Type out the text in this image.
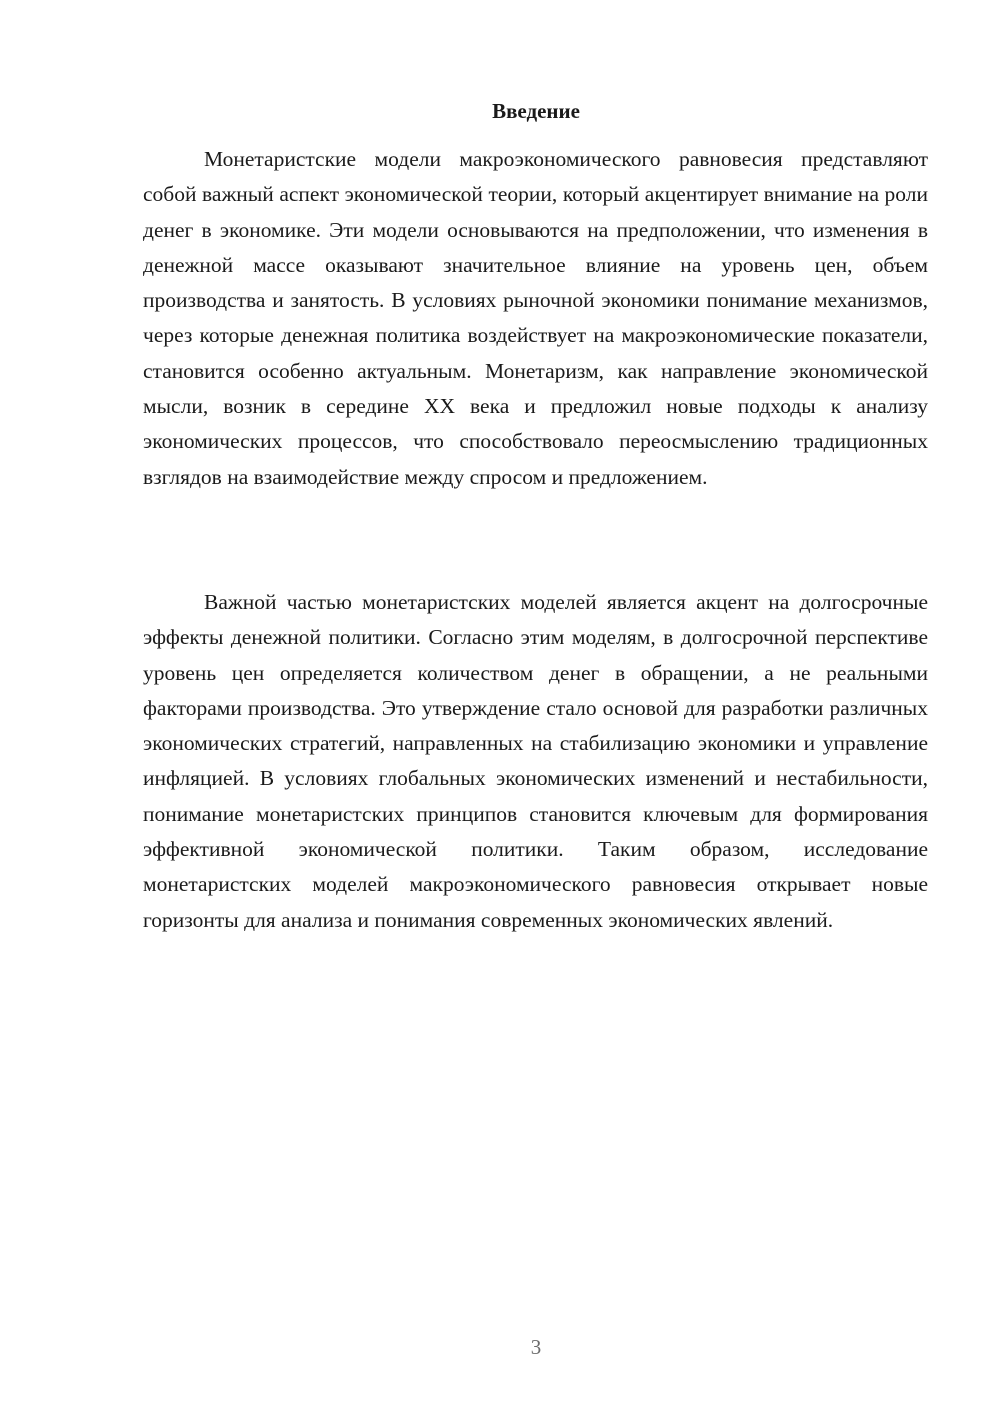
Введение

Монетаристские модели макроэкономического равновесия представляют собой важный аспект экономической теории, который акцентирует внимание на роли денег в экономике. Эти модели основываются на предположении, что изменения в денежной массе оказывают значительное влияние на уровень цен, объем производства и занятость. В условиях рыночной экономики понимание механизмов, через которые денежная политика воздействует на макроэкономические показатели, становится особенно актуальным. Монетаризм, как направление экономической мысли, возник в середине XX века и предложил новые подходы к анализу экономических процессов, что способствовало переосмыслению традиционных взглядов на взаимодействие между спросом и предложением.

Важной частью монетаристских моделей является акцент на долгосрочные эффекты денежной политики. Согласно этим моделям, в долгосрочной перспективе уровень цен определяется количеством денег в обращении, а не реальными факторами производства. Это утверждение стало основой для разработки различных экономических стратегий, направленных на стабилизацию экономики и управление инфляцией. В условиях глобальных экономических изменений и нестабильности, понимание монетаристских принципов становится ключевым для формирования эффективной экономической политики. Таким образом, исследование монетаристских моделей макроэкономического равновесия открывает новые горизонты для анализа и понимания современных экономических явлений.

3
